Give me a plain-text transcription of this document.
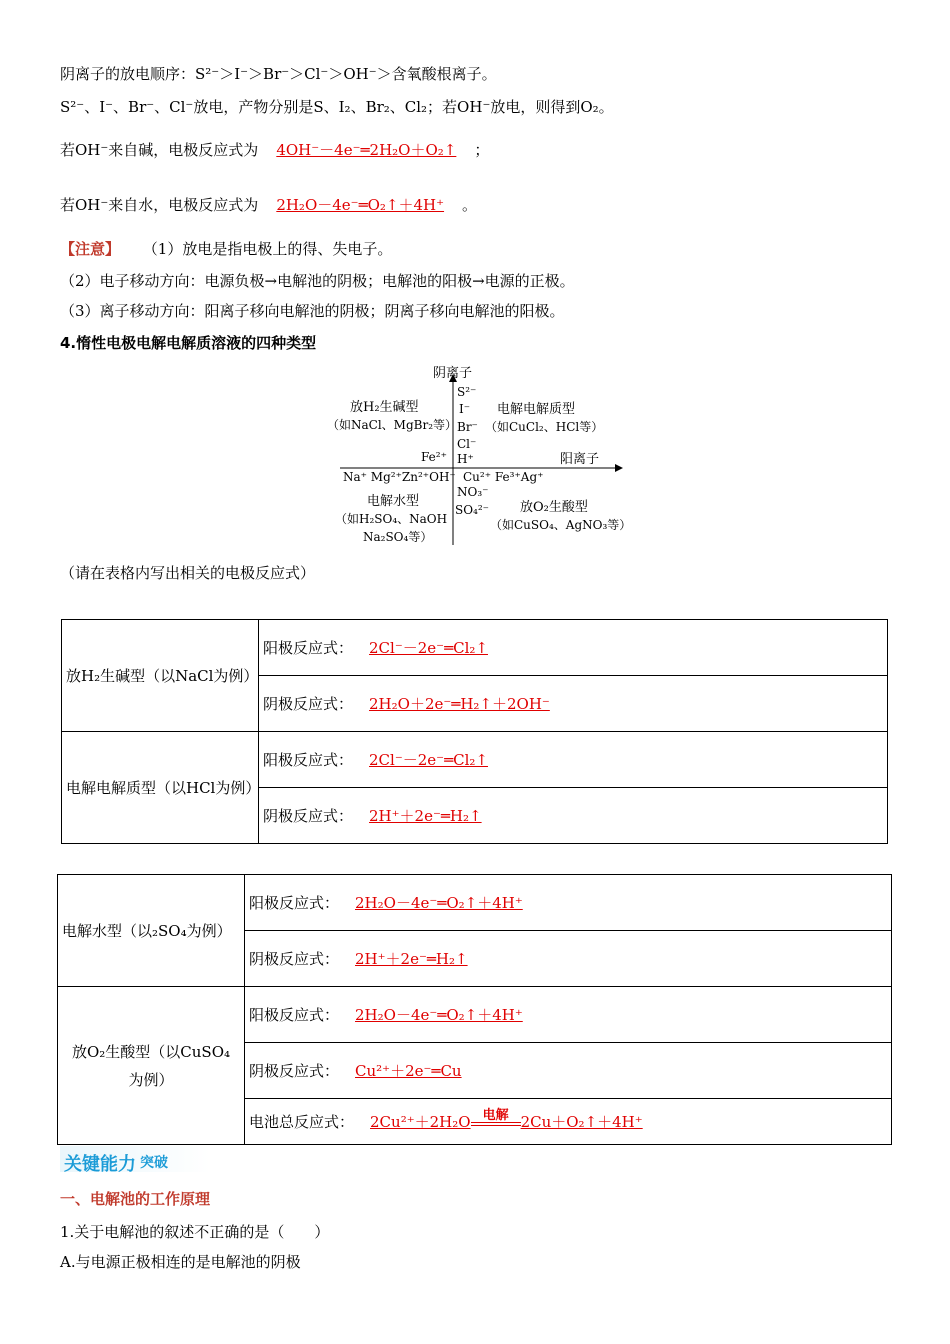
阴离子的放电顺序：S²⁻＞I⁻＞Br⁻＞Cl⁻＞OH⁻＞含氧酸根离子。
S²⁻、I⁻、Br⁻、Cl⁻放电，产物分别是S、I₂、Br₂、Cl₂；若OH⁻放电，则得到O₂。
若OH⁻来自碱，电极反应式为 4OH⁻－4e⁻═2H₂O＋O₂↑ ；
若OH⁻来自水，电极反应式为 2H₂O－4e⁻═O₂↑＋4H⁺ 。
【注意】 （1）放电是指电极上的得、失电子。
（2）电子移动方向：电源负极→电解池的阴极；电解池的阳极→电源的正极。
（3）离子移动方向：阳离子移向电解池的阴极；阴离子移向电解池的阳极。
4.惰性电极电解电解质溶液的四种类型
阴离子
阳离子
S²⁻
I⁻
Br⁻
Cl⁻
H⁺
Fe²⁺
Na⁺ Mg²⁺Zn²⁺OH⁻ Cu²⁺ Fe³⁺Ag⁺
NO₃⁻
SO₄²⁻
放H₂生碱型
（如NaCl、MgBr₂等）
电解电解质型
（如CuCl₂、HCl等）
电解水型
（如H₂SO₄、NaOH
Na₂SO₄等）
放O₂生酸型
（如CuSO₄、AgNO₃等）
（请在表格内写出相关的电极反应式）
放H₂生碱型（以NaCl为例）	阳极反应式： 2Cl⁻－2e⁻═Cl₂↑
	阴极反应式： 2H₂O＋2e⁻═H₂↑＋2OH⁻
电解电解质型（以HCl为例）	阳极反应式： 2Cl⁻－2e⁻═Cl₂↑
	阴极反应式： 2H⁺＋2e⁻═H₂↑
电解水型（以₂SO₄为例）	阳极反应式： 2H₂O－4e⁻═O₂↑＋4H⁺
	阴极反应式： 2H⁺＋2e⁻═H₂↑

放O₂生酸型（以CuSO₄
为例）	阳极反应式： 2H₂O－4e⁻═O₂↑＋4H⁺
	阴极反应式： Cu²⁺＋2e⁻═Cu
	电池总反应式： 2Cu²⁺＋2H₂O 电解 2Cu＋O₂↑＋4H⁺
关键能力 突破
一、电解池的工作原理
1.关于电解池的叙述不正确的是（　　）
A.与电源正极相连的是电解池的阴极
